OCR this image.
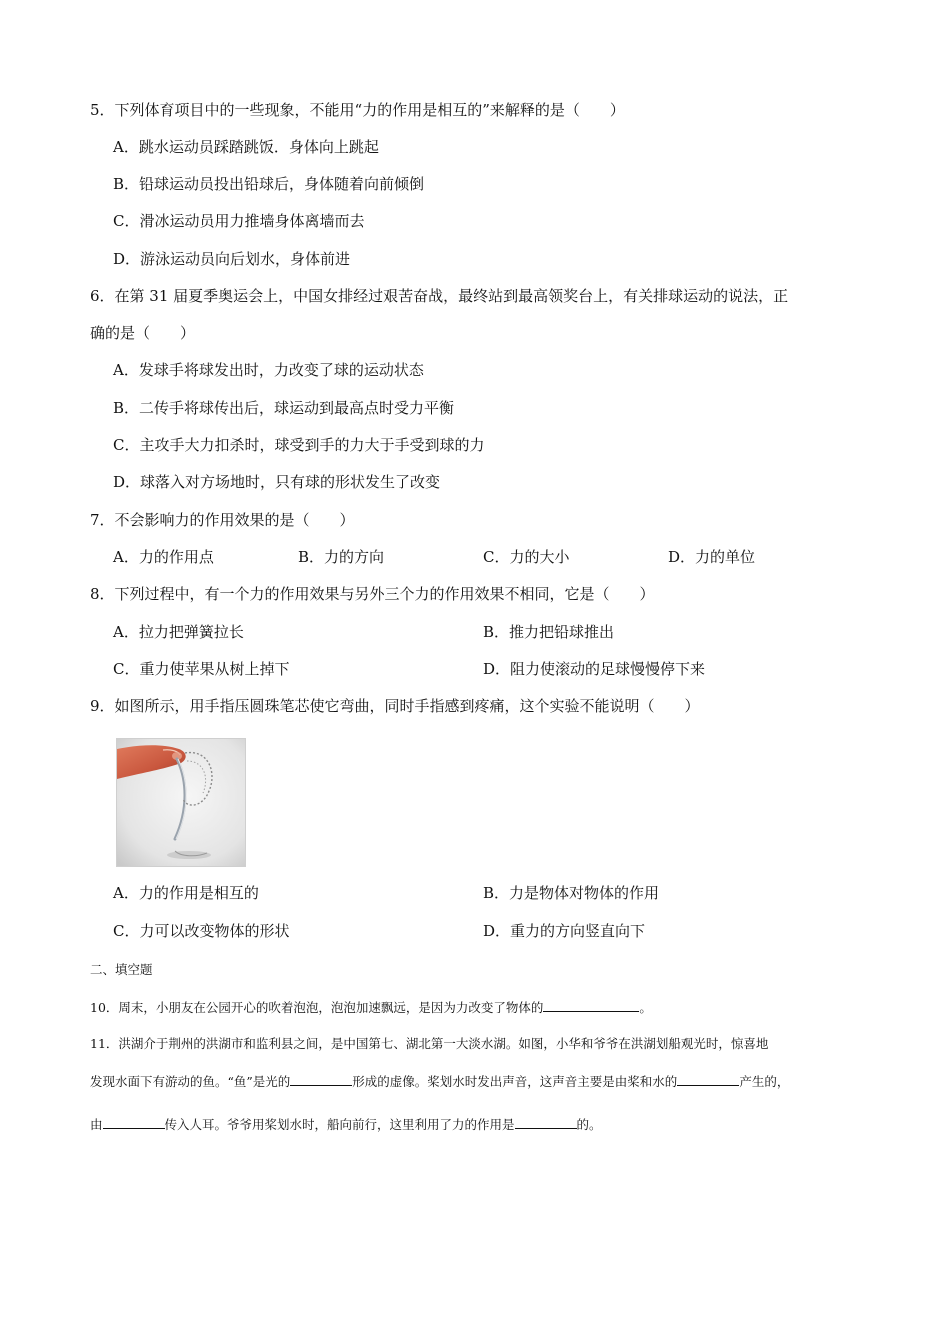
5．下列体育项目中的一些现象，不能用“力的作用是相互的”来解释的是（　　）
A．跳水运动员踩踏跳饭．身体向上跳起
B．铅球运动员投出铅球后，身体随着向前倾倒
C．滑冰运动员用力推墙身体离墙而去
D．游泳运动员向后划水，身体前进
6．在第 31 届夏季奥运会上，中国女排经过艰苦奋战，最终站到最高领奖台上，有关排球运动的说法，正
确的是（　　）
A．发球手将球发出时，力改变了球的运动状态
B．二传手将球传出后，球运动到最高点时受力平衡
C．主攻手大力扣杀时，球受到手的力大于手受到球的力
D．球落入对方场地时，只有球的形状发生了改变
7．不会影响力的作用效果的是（　　）
A．力的作用点	B．力的方向	C．力的大小	D．力的单位
8．下列过程中，有一个力的作用效果与另外三个力的作用效果不相同，它是（　　）
A．拉力把弹簧拉长	B．推力把铅球推出
C．重力使苹果从树上掉下	D．阻力使滚动的足球慢慢停下来
9．如图所示，用手指压圆珠笔芯使它弯曲，同时手指感到疼痛，这个实验不能说明（　　）
A．力的作用是相互的	B．力是物体对物体的作用
C．力可以改变物体的形状	D．重力的方向竖直向下
二、填空题
10．周末，小朋友在公园开心的吹着泡泡，泡泡加速飘远，是因为力改变了物体的	。
11．洪湖介于荆州的洪湖市和监利县之间，是中国第七、湖北第一大淡水湖。如图，小华和爷爷在洪湖划船观光时，惊喜地
发现水面下有游动的鱼。“鱼”是光的	形成的虚像。桨划水时发出声音，这声音主要是由桨和水的	产生的，
由	传入人耳。爷爷用桨划水时，船向前行，这里利用了力的作用是	的。
